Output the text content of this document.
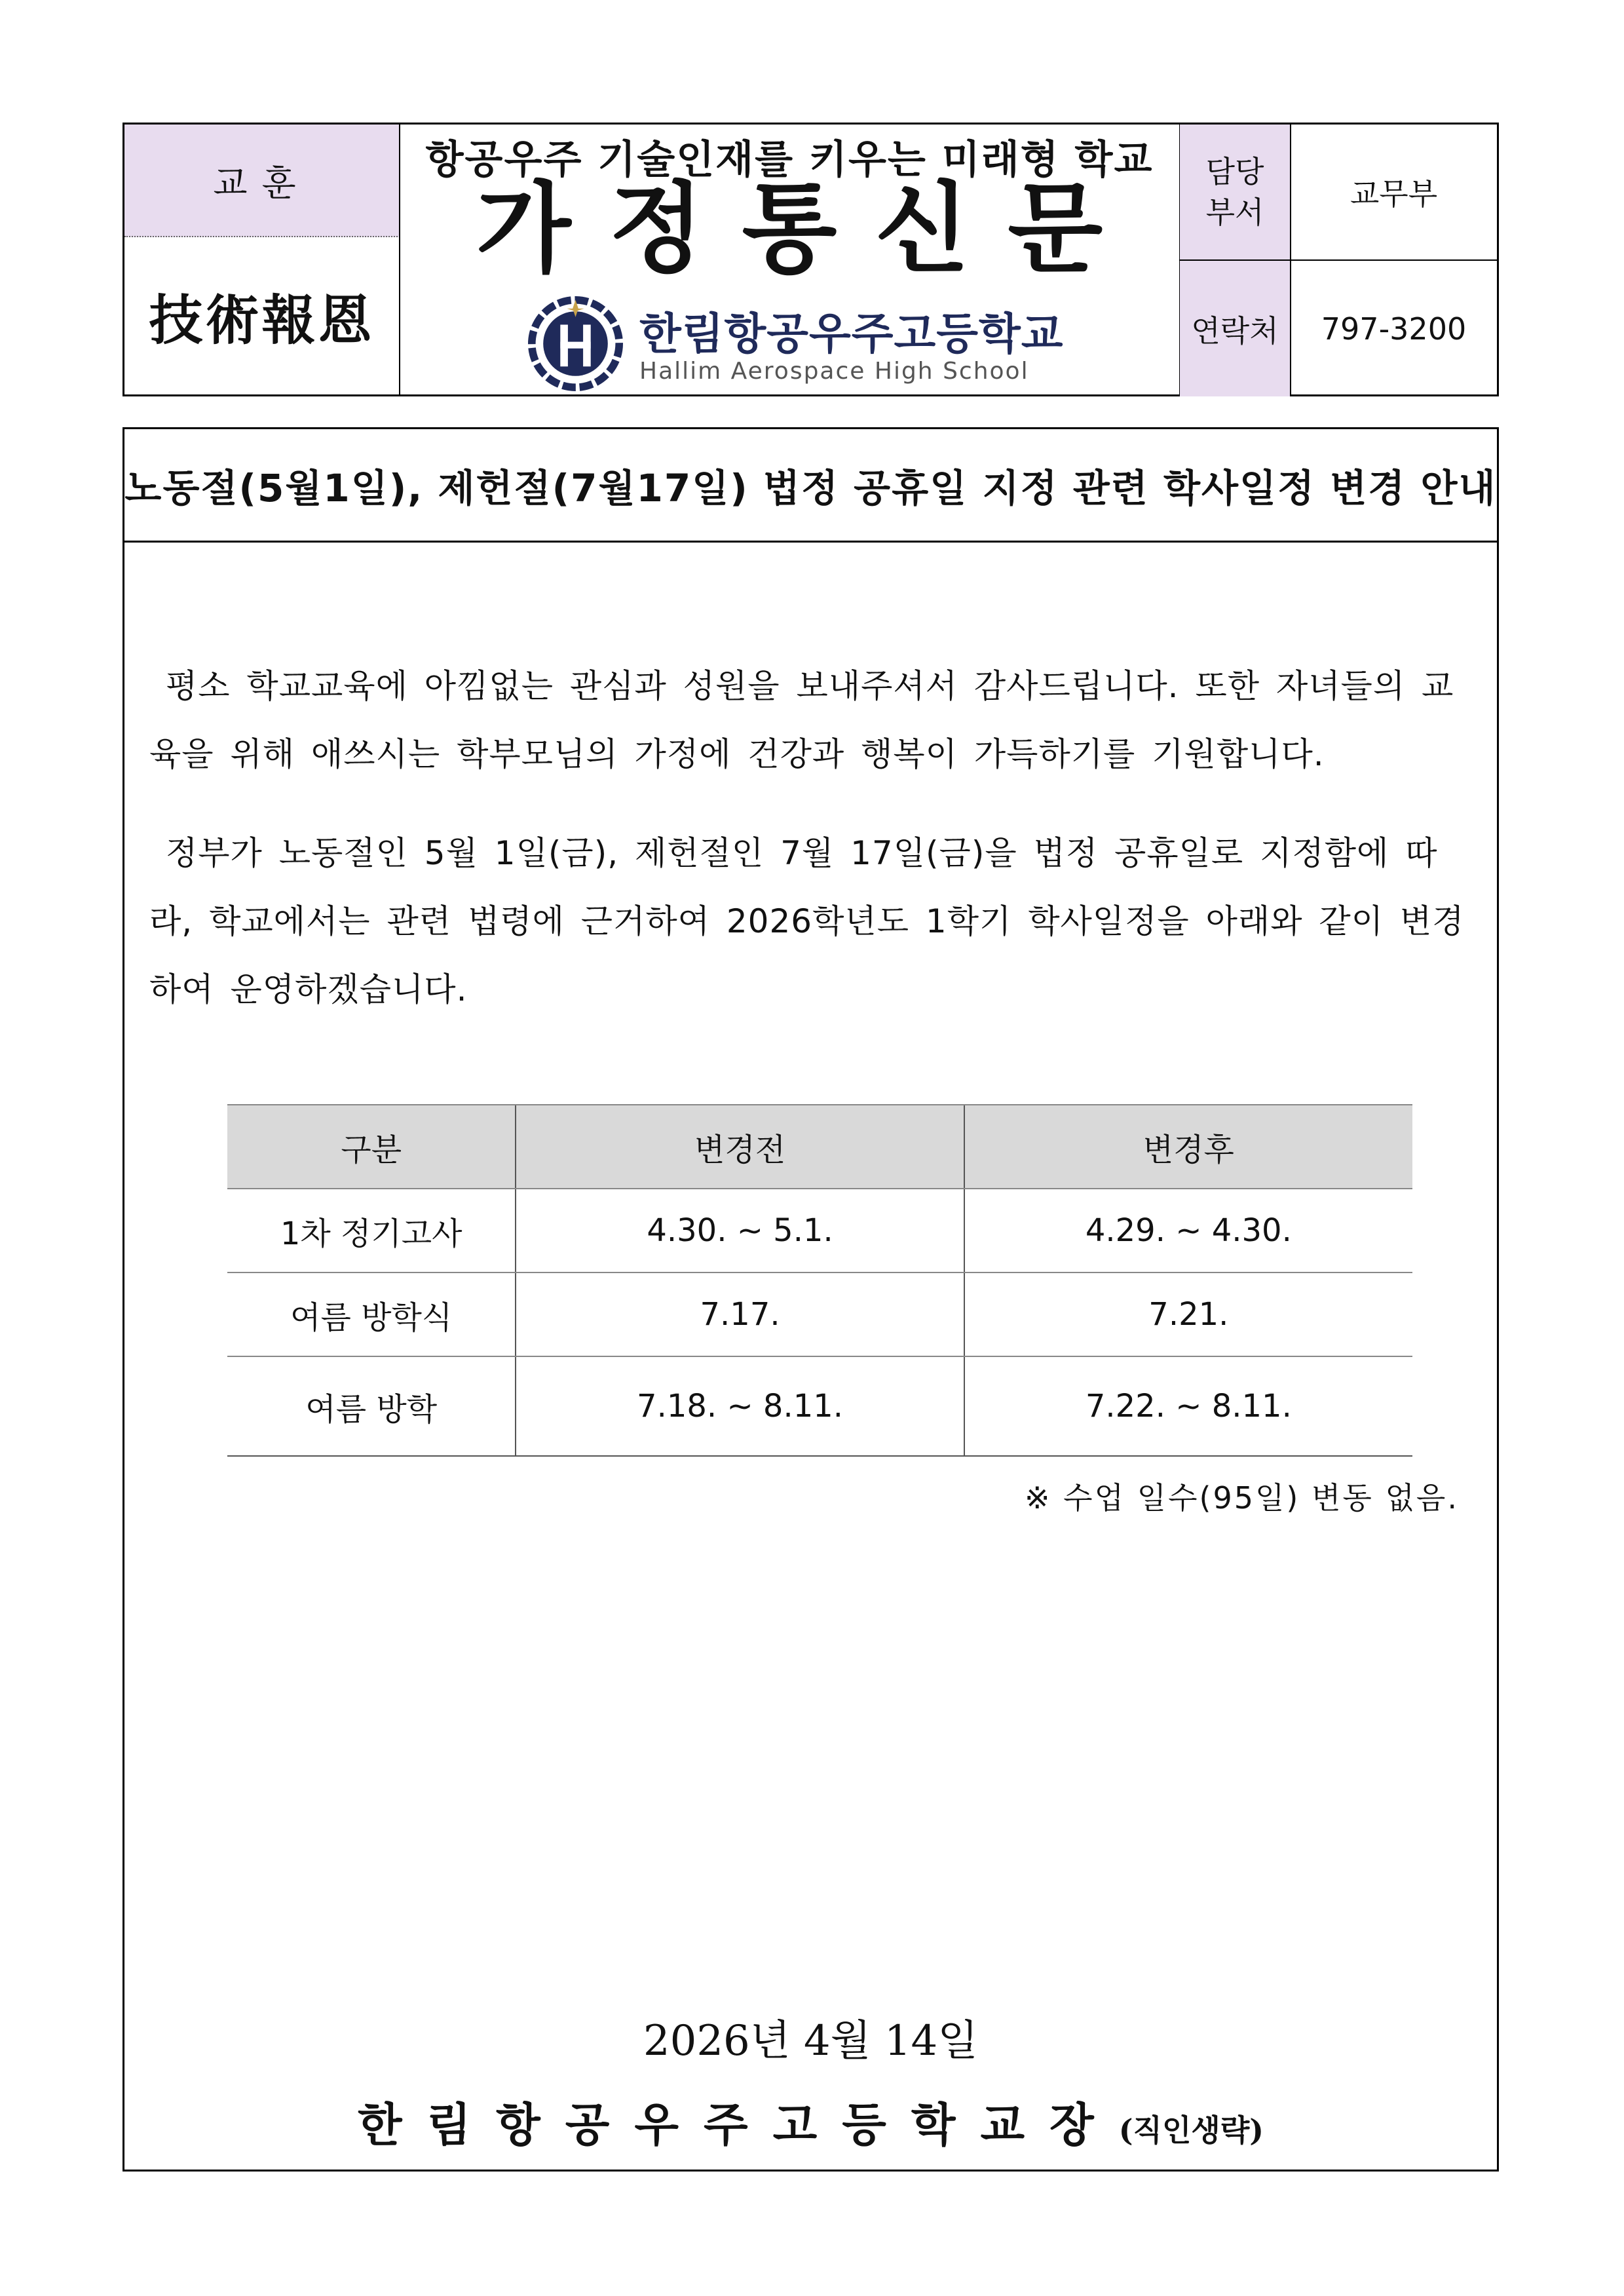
교훈
技術報恩
항공우주 기술인재를 키우는 미래형 학교
가정통신문
한림항공우주고등학교
Hallim Aerospace High School
담당
부서
교무부
연락처	797-3200
노동절(5월1일), 제헌절(7월17일) 법정 공휴일 지정 관련 학사일정 변경 안내
평소 학교교육에 아낌없는 관심과 성원을 보내주셔서 감사드립니다. 또한 자녀들의 교육을 위해 애쓰시는 학부모님의 가정에 건강과 행복이 가득하기를 기원합니다.
정부가 노동절인 5월 1일(금), 제헌절인 7월 17일(금)을 법정 공휴일로 지정함에 따라, 학교에서는 관련 법령에 근거하여 2026학년도 1학기 학사일정을 아래와 같이 변경하여 운영하겠습니다.
구분	변경전	변경후
1차 정기고사	4.30. ~ 5.1.	4.29. ~ 4.30.
여름 방학식	7.17.	7.21.
여름 방학	7.18. ~ 8.11.	7.22. ~ 8.11.
※ 수업 일수(95일) 변동 없음.
2026년 4월 14일
한림항공우주고등학교장(직인생략)
